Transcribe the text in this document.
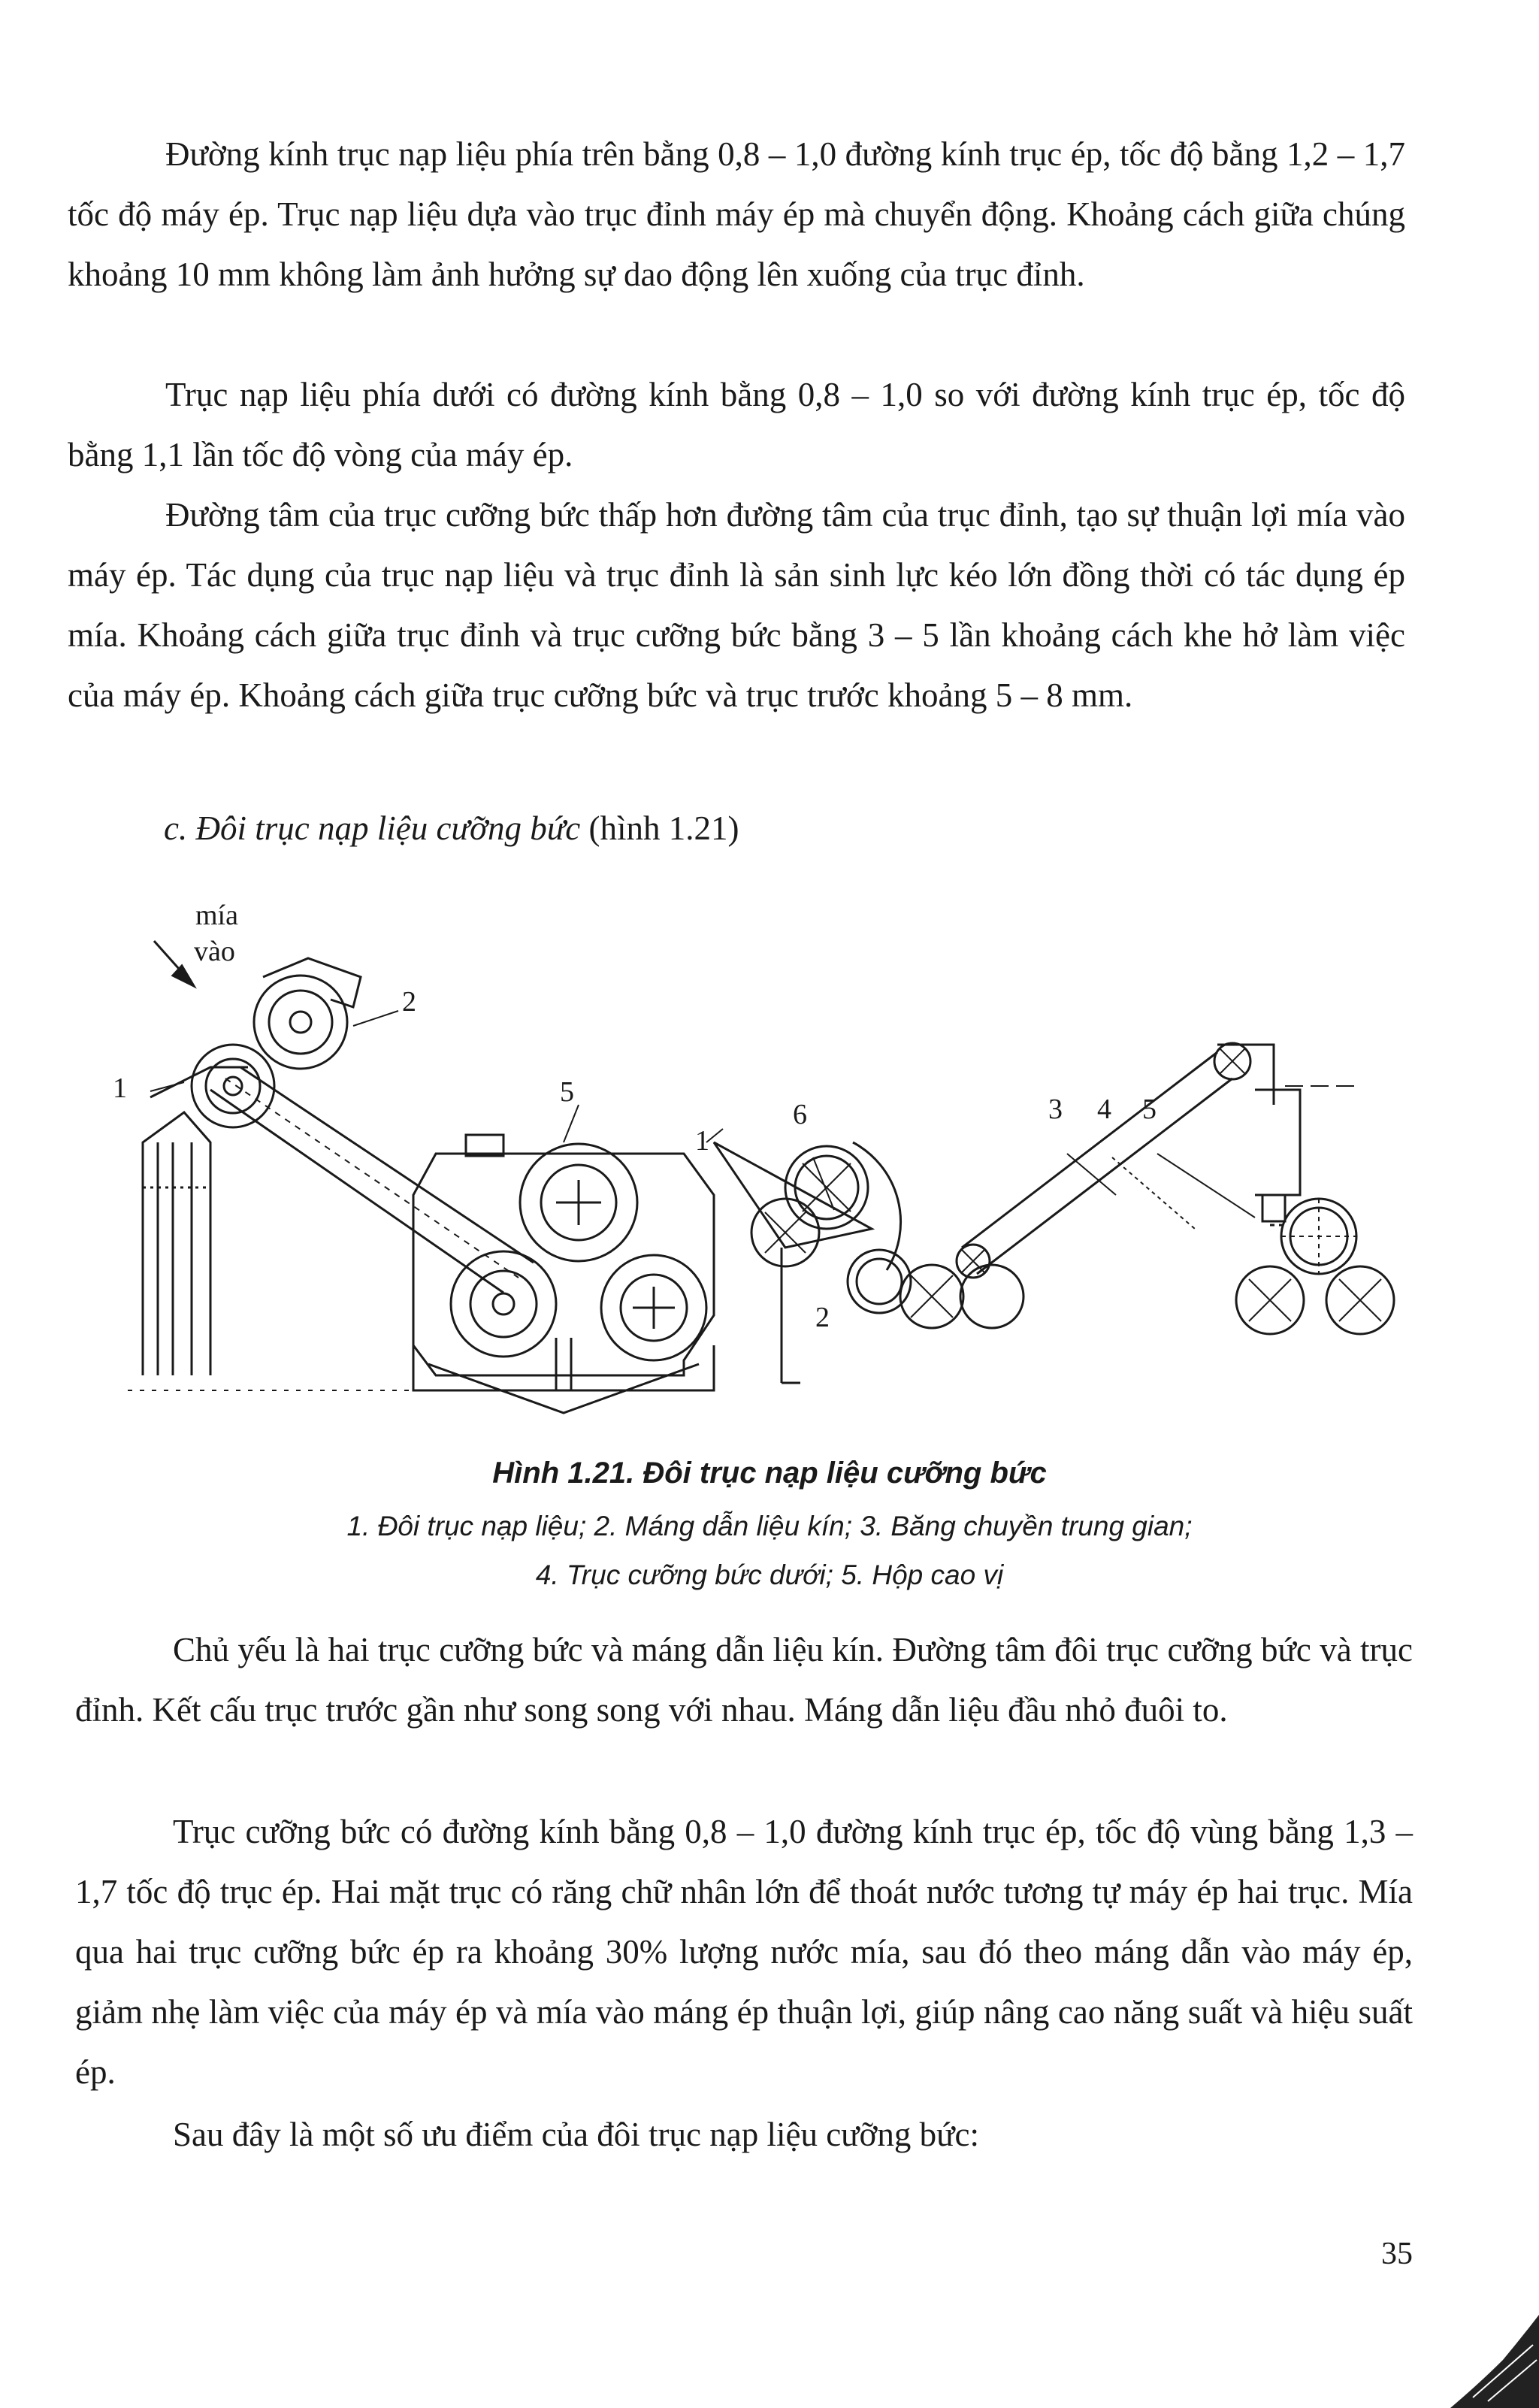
Đường kính trục nạp liệu phía trên bằng 0,8 – 1,0 đường kính trục ép, tốc độ bằng 1,2 – 1,7 tốc độ máy ép. Trục nạp liệu dựa vào trục đỉnh máy ép mà chuyển động. Khoảng cách giữa chúng khoảng 10 mm không làm ảnh hưởng sự dao động lên xuống của trục đỉnh.

Trục nạp liệu phía dưới có đường kính bằng 0,8 – 1,0 so với đường kính trục ép, tốc độ bằng 1,1 lần tốc độ vòng của máy ép.

Đường tâm của trục cưỡng bức thấp hơn đường tâm của trục đỉnh, tạo sự thuận lợi mía vào máy ép. Tác dụng của trục nạp liệu và trục đỉnh là sản sinh lực kéo lớn đồng thời có tác dụng ép mía. Khoảng cách giữa trục đỉnh và trục cưỡng bức bằng 3 – 5 lần khoảng cách khe hở làm việc của máy ép. Khoảng cách giữa trục cưỡng bức và trục trước khoảng 5 – 8 mm.

c. Đôi trục nạp liệu cưỡng bức (hình 1.21)

mía
vào
1
2
5
1
6
2
3 4 5

Hình 1.21. Đôi trục nạp liệu cưỡng bức

1. Đôi trục nạp liệu; 2. Máng dẫn liệu kín; 3. Băng chuyền trung gian;

4. Trục cưỡng bức dưới; 5. Hộp cao vị

Chủ yếu là hai trục cưỡng bức và máng dẫn liệu kín. Đường tâm đôi trục cưỡng bức và trục đỉnh. Kết cấu trục trước gần như song song với nhau. Máng dẫn liệu đầu nhỏ đuôi to.

Trục cưỡng bức có đường kính bằng 0,8 – 1,0 đường kính trục ép, tốc độ vùng bằng 1,3 – 1,7 tốc độ trục ép. Hai mặt trục có răng chữ nhân lớn để thoát nước tương tự máy ép hai trục. Mía qua hai trục cưỡng bức ép ra khoảng 30% lượng nước mía, sau đó theo máng dẫn vào máy ép, giảm nhẹ làm việc của máy ép và mía vào máng ép thuận lợi, giúp nâng cao năng suất và hiệu suất ép.

Sau đây là một số ưu điểm của đôi trục nạp liệu cưỡng bức:

35
